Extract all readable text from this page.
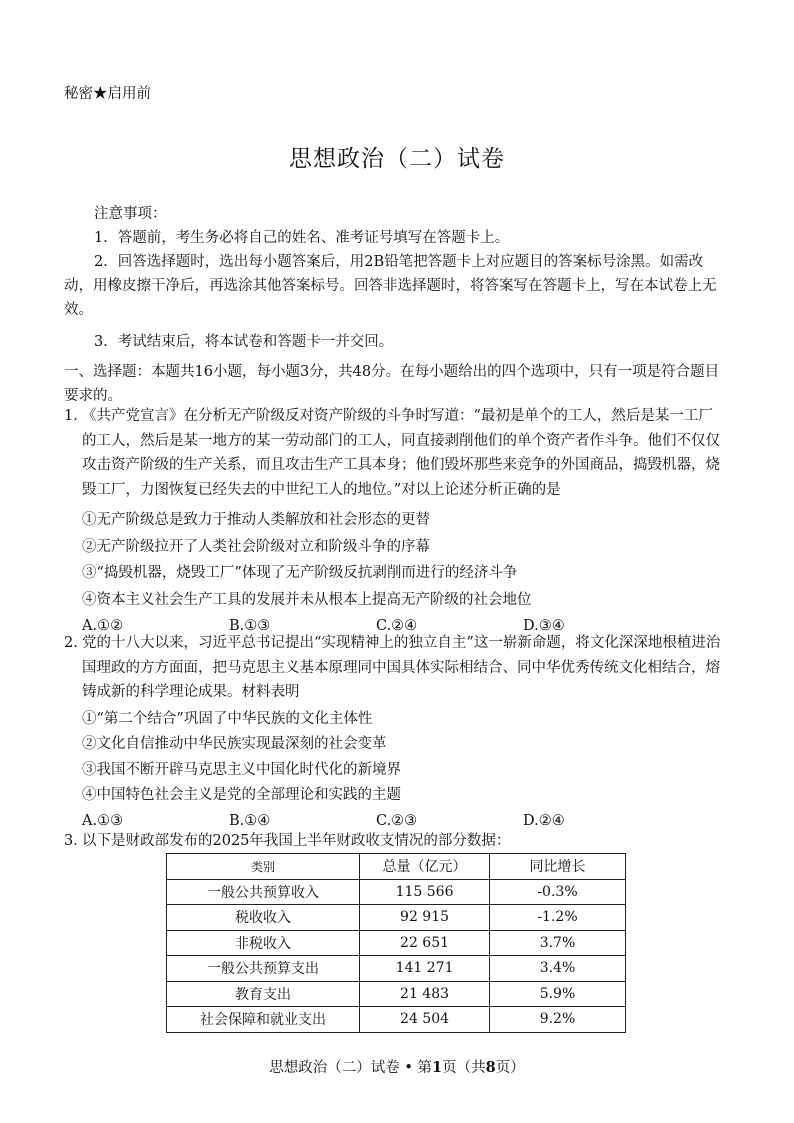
秘密★启用前
思想政治（二）试卷

注意事项：

1．答题前，考生务必将自己的姓名、准考证号填写在答题卡上。

2．回答选择题时，选出每小题答案后，用2B铅笔把答题卡上对应题目的答案标号涂黑。如需改动，用橡皮擦干净后，再选涂其他答案标号。回答非选择题时，将答案写在答题卡上，写在本试卷上无效。

3．考试结束后，将本试卷和答题卡一并交回。

一、选择题：本题共16小题，每小题3分，共48分。在每小题给出的四个选项中，只有一项是符合题目要求的。

1．
《共产党宣言》在分析无产阶级反对资产阶级的斗争时写道：“最初是单个的工人，然后是某一工厂的工人，然后是某一地方的某一劳动部门的工人，同直接剥削他们的单个资产者作斗争。他们不仅仅攻击资产阶级的生产关系，而且攻击生产工具本身；他们毁坏那些来竞争的外国商品，捣毁机器，烧毁工厂，力图恢复已经失去的中世纪工人的地位。”对以上论述分析正确的是
①无产阶级总是致力于推动人类解放和社会形态的更替
②无产阶级拉开了人类社会阶级对立和阶级斗争的序幕
③“捣毁机器，烧毁工厂”体现了无产阶级反抗剥削而进行的经济斗争
④资本主义社会生产工具的发展并未从根本上提高无产阶级的社会地位
A.①②	B.①③	C.②④	D.③④
2．
党的十八大以来，习近平总书记提出“实现精神上的独立自主”这一崭新命题，将文化深深地根植进治国理政的方方面面，把马克思主义基本原理同中国具体实际相结合、同中华优秀传统文化相结合，熔铸成新的科学理论成果。材料表明
①“第二个结合”巩固了中华民族的文化主体性
②文化自信推动中华民族实现最深刻的社会变革
③我国不断开辟马克思主义中国化时代化的新境界
④中国特色社会主义是党的全部理论和实践的主题
A.①③	B.①④	C.②③	D.②④
3．
以下是财政部发布的2025年我国上半年财政收支情况的部分数据：
类别	总量（亿元）	同比增长
一般公共预算收入	115 566	-0.3%
税收收入	92 915	-1.2%
非税收入	22 651	3.7%
一般公共预算支出	141 271	3.4%
教育支出	21 483	5.9%
社会保障和就业支出	24 504	9.2%
思想政治（二）试卷 • 第1页（共8页）
